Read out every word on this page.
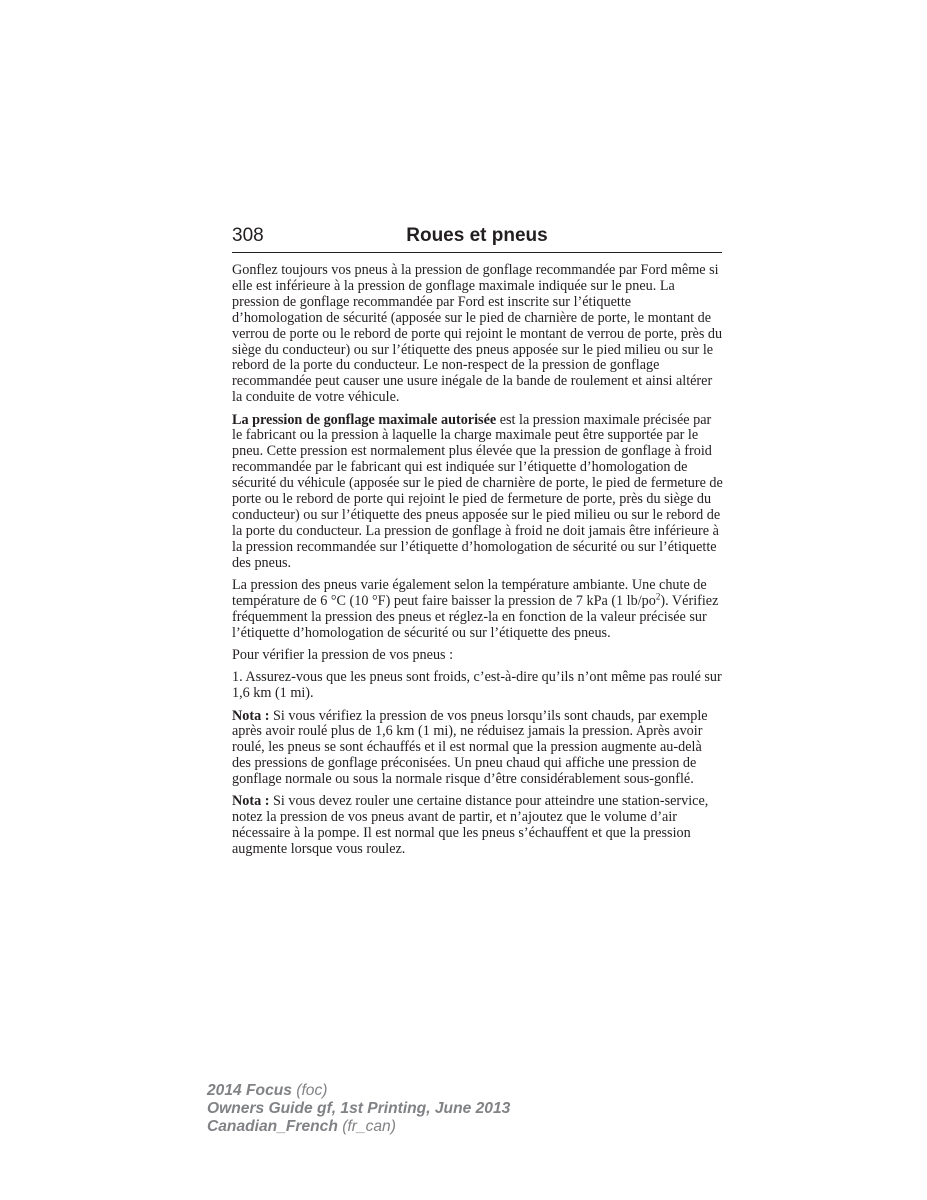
308	Roues et pneus

Gonflez toujours vos pneus à la pression de gonflage recommandée par Ford même si elle est inférieure à la pression de gonflage maximale indiquée sur le pneu. La pression de gonflage recommandée par Ford est inscrite sur l’étiquette d’homologation de sécurité (apposée sur le pied de charnière de porte, le montant de verrou de porte ou le rebord de porte qui rejoint le montant de verrou de porte, près du siège du conducteur) ou sur l’étiquette des pneus apposée sur le pied milieu ou sur le rebord de la porte du conducteur. Le non-respect de la pression de gonflage recommandée peut causer une usure inégale de la bande de roulement et ainsi altérer la conduite de votre véhicule.

La pression de gonflage maximale autorisée est la pression maximale précisée par le fabricant ou la pression à laquelle la charge maximale peut être supportée par le pneu. Cette pression est normalement plus élevée que la pression de gonflage à froid recommandée par le fabricant qui est indiquée sur l’étiquette d’homologation de sécurité du véhicule (apposée sur le pied de charnière de porte, le pied de fermeture de porte ou le rebord de porte qui rejoint le pied de fermeture de porte, près du siège du conducteur) ou sur l’étiquette des pneus apposée sur le pied milieu ou sur le rebord de la porte du conducteur. La pression de gonflage à froid ne doit jamais être inférieure à la pression recommandée sur l’étiquette d’homologation de sécurité ou sur l’étiquette des pneus.

La pression des pneus varie également selon la température ambiante. Une chute de température de 6 °C (10 °F) peut faire baisser la pression de 7 kPa (1 $lb/po^2$). Vérifiez fréquemment la pression des pneus et réglez-la en fonction de la valeur précisée sur l’étiquette d’homologation de sécurité ou sur l’étiquette des pneus.

Pour vérifier la pression de vos pneus :

1. Assurez-vous que les pneus sont froids, c’est-à-dire qu’ils n’ont même pas roulé sur 1,6 km (1 mi).

Nota : Si vous vérifiez la pression de vos pneus lorsqu’ils sont chauds, par exemple après avoir roulé plus de 1,6 km (1 mi), ne réduisez jamais la pression. Après avoir roulé, les pneus se sont échauffés et il est normal que la pression augmente au-delà des pressions de gonflage préconisées. Un pneu chaud qui affiche une pression de gonflage normale ou sous la normale risque d’être considérablement sous-gonflé.

Nota : Si vous devez rouler une certaine distance pour atteindre une station-service, notez la pression de vos pneus avant de partir, et n’ajoutez que le volume d’air nécessaire à la pompe. Il est normal que les pneus s’échauffent et que la pression augmente lorsque vous roulez.

2014 Focus (foc)
Owners Guide gf, 1st Printing, June 2013
Canadian_French (fr_can)
